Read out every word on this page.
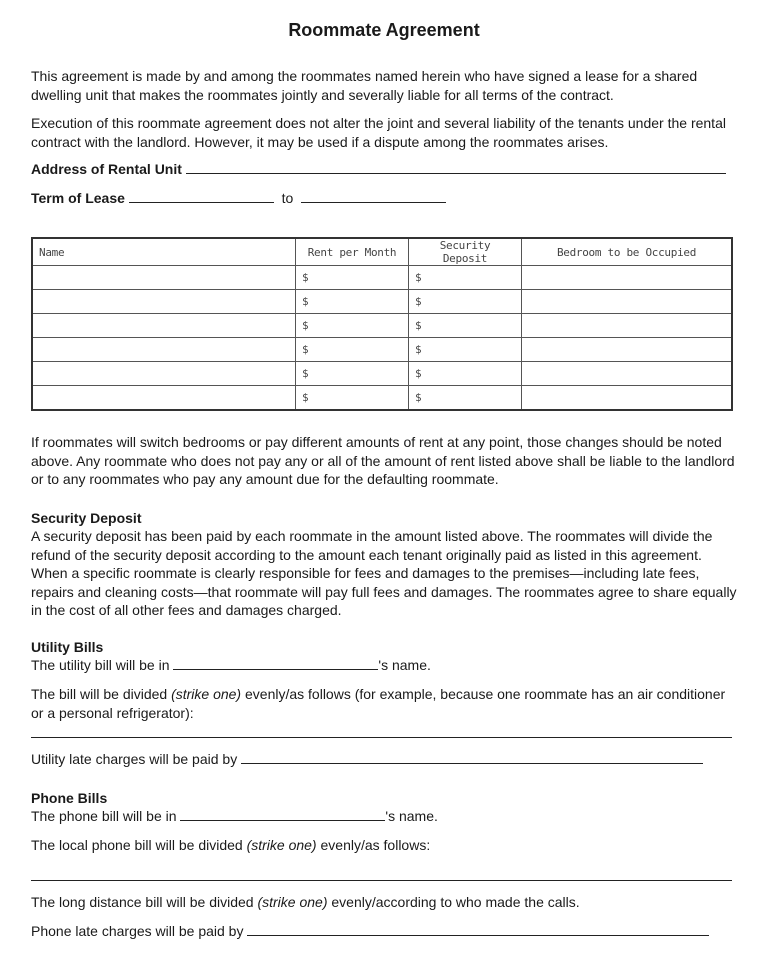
Roommate Agreement
This agreement is made by and among the roommates named herein who have signed a lease for a shared dwelling unit that makes the roommates jointly and severally liable for all terms of the contract.
Execution of this roommate agreement does not alter the joint and several liability of the tenants under the rental contract with the landlord. However, it may be used if a dispute among the roommates arises.
Address of Rental Unit
Term of Lease	to
Name	Rent per Month	Security Deposit	Bedroom to be Occupied
	$	$	
	$	$	
	$	$	
	$	$	
	$	$	
	$	$	
If roommates will switch bedrooms or pay different amounts of rent at any point, those changes should be noted above. Any roommate who does not pay any or all of the amount of rent listed above shall be liable to the landlord or to any roommates who pay any amount due for the defaulting roommate.
Security Deposit
A security deposit has been paid by each roommate in the amount listed above. The roommates will divide the refund of the security deposit according to the amount each tenant originally paid as listed in this agreement. When a specific roommate is clearly responsible for fees and damages to the premises—including late fees, repairs and cleaning costs—that roommate will pay full fees and damages. The roommates agree to share equally in the cost of all other fees and damages charged.
Utility Bills
The utility bill will be in	's name.
The bill will be divided (strike one) evenly/as follows (for example, because one roommate has an air conditioner or a personal refrigerator):
Utility late charges will be paid by
Phone Bills
The phone bill will be in	's name.
The local phone bill will be divided (strike one) evenly/as follows:
The long distance bill will be divided (strike one) evenly/according to who made the calls.
Phone late charges will be paid by
